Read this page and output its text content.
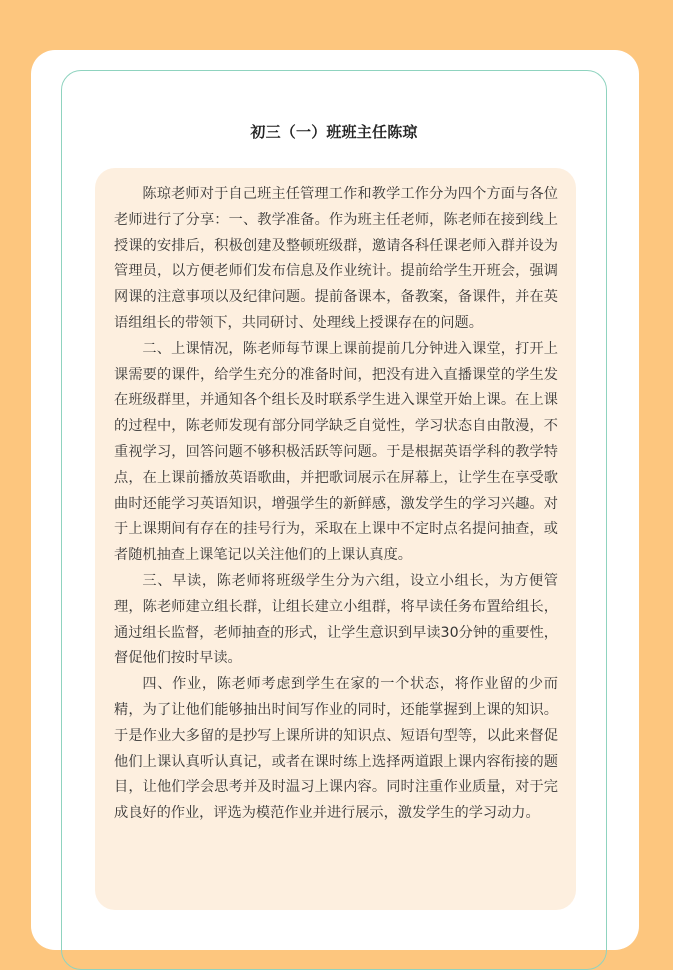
初三（一）班班主任陈琼

陈琼老师对于自己班主任管理工作和教学工作分为四个方面与各位老师进行了分享：一、教学准备。作为班主任老师，陈老师在接到线上授课的安排后，积极创建及整顿班级群，邀请各科任课老师入群并设为管理员，以方便老师们发布信息及作业统计。提前给学生开班会，强调网课的注意事项以及纪律问题。提前备课本，备教案，备课件，并在英语组组长的带领下，共同研讨、处理线上授课存在的问题。

二、上课情况，陈老师每节课上课前提前几分钟进入课堂，打开上课需要的课件，给学生充分的准备时间，把没有进入直播课堂的学生发在班级群里，并通知各个组长及时联系学生进入课堂开始上课。在上课的过程中，陈老师发现有部分同学缺乏自觉性，学习状态自由散漫，不重视学习，回答问题不够积极活跃等问题。于是根据英语学科的教学特点，在上课前播放英语歌曲，并把歌词展示在屏幕上，让学生在享受歌曲时还能学习英语知识，增强学生的新鲜感，激发学生的学习兴趣。对于上课期间有存在的挂号行为，采取在上课中不定时点名提问抽查，或者随机抽查上课笔记以关注他们的上课认真度。

三、早读，陈老师将班级学生分为六组，设立小组长，为方便管理，陈老师建立组长群，让组长建立小组群，将早读任务布置给组长，通过组长监督，老师抽查的形式，让学生意识到早读30分钟的重要性，督促他们按时早读。

四、作业，陈老师考虑到学生在家的一个状态，将作业留的少而精，为了让他们能够抽出时间写作业的同时，还能掌握到上课的知识。于是作业大多留的是抄写上课所讲的知识点、短语句型等，以此来督促他们上课认真听认真记，或者在课时练上选择两道跟上课内容衔接的题目，让他们学会思考并及时温习上课内容。同时注重作业质量，对于完成良好的作业，评选为模范作业并进行展示，激发学生的学习动力。
